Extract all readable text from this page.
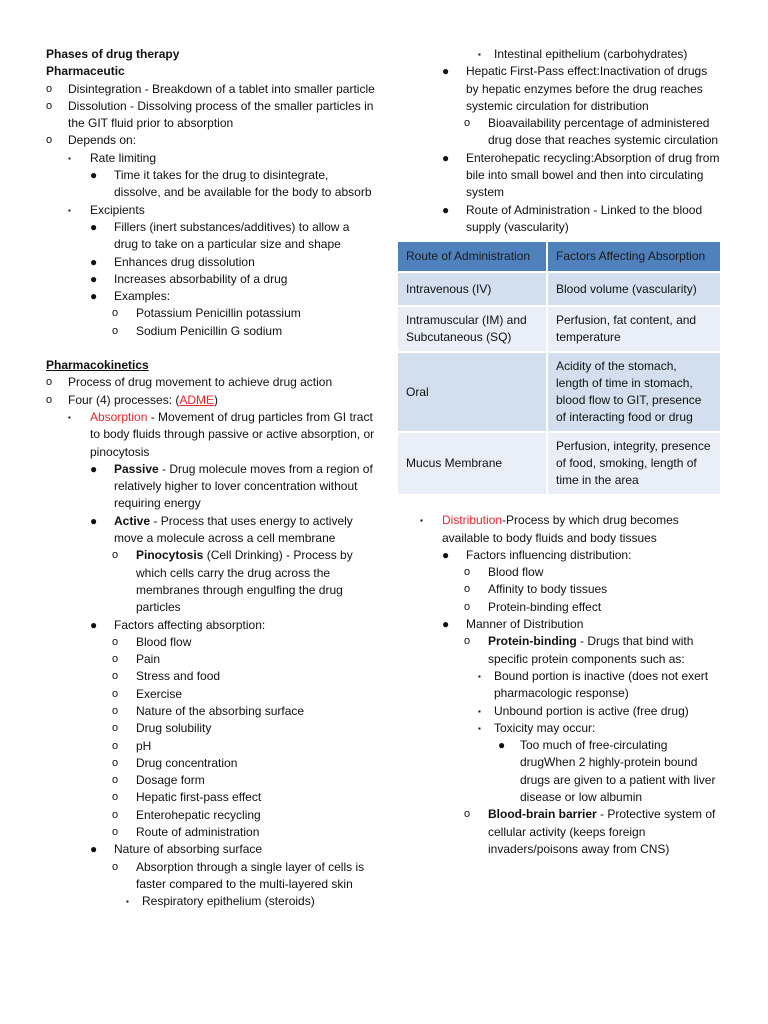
Phases of drug therapy
Pharmaceutic
o Disintegration - Breakdown of a tablet into smaller particle
o Dissolution - Dissolving process of the smaller particles in the GIT fluid prior to absorption
o Depends on:
▪ Rate limiting
● Time it takes for the drug to disintegrate, dissolve, and be available for the body to absorb
▪ Excipients
● Fillers (inert substances/additives) to allow a drug to take on a particular size and shape
● Enhances drug dissolution
● Increases absorbability of a drug
● Examples:
o Potassium Penicillin potassium
o Sodium Penicillin G sodium
Pharmacokinetics
o Process of drug movement to achieve drug action
o Four (4) processes: (ADME)
▪ Absorption - Movement of drug particles from GI tract to body fluids through passive or active absorption, or pinocytosis
● Passive - Drug molecule moves from a region of relatively higher to lover concentration without requiring energy
● Active - Process that uses energy to actively move a molecule across a cell membrane
o Pinocytosis (Cell Drinking) - Process by which cells carry the drug across the membranes through engulfing the drug particles
● Factors affecting absorption:
o Blood flow
o Pain
o Stress and food
o Exercise
o Nature of the absorbing surface
o Drug solubility
o pH
o Drug concentration
o Dosage form
o Hepatic first-pass effect
o Enterohepatic recycling
o Route of administration
● Nature of absorbing surface
o Absorption through a single layer of cells is faster compared to the multi-layered skin
▪ Respiratory epithelium (steroids)
▪ Intestinal epithelium (carbohydrates)
● Hepatic First-Pass effect:Inactivation of drugs by hepatic enzymes before the drug reaches systemic circulation for distribution
o Bioavailability percentage of administered drug dose that reaches systemic circulation
● Enterohepatic recycling:Absorption of drug from bile into small bowel and then into circulating system
● Route of Administration - Linked to the blood supply (vascularity)
Route of Administration	Factors Affecting Absorption
Intravenous (IV)	Blood volume (vascularity)
Intramuscular (IM) and Subcutaneous (SQ)	Perfusion, fat content, and temperature
Oral	Acidity of the stomach, length of time in stomach, blood flow to GIT, presence of interacting food or drug
Mucus Membrane	Perfusion, integrity, presence of food, smoking, length of time in the area
▪ Distribution-Process by which drug becomes available to body fluids and body tissues
● Factors influencing distribution:
o Blood flow
o Affinity to body tissues
o Protein-binding effect
● Manner of Distribution
o Protein-binding - Drugs that bind with specific protein components such as:
▪ Bound portion is inactive (does not exert pharmacologic response)
▪ Unbound portion is active (free drug)
▪ Toxicity may occur:
● Too much of free-circulating drugWhen 2 highly-protein bound drugs are given to a patient with liver disease or low albumin
o Blood-brain barrier - Protective system of cellular activity (keeps foreign invaders/poisons away from CNS)
